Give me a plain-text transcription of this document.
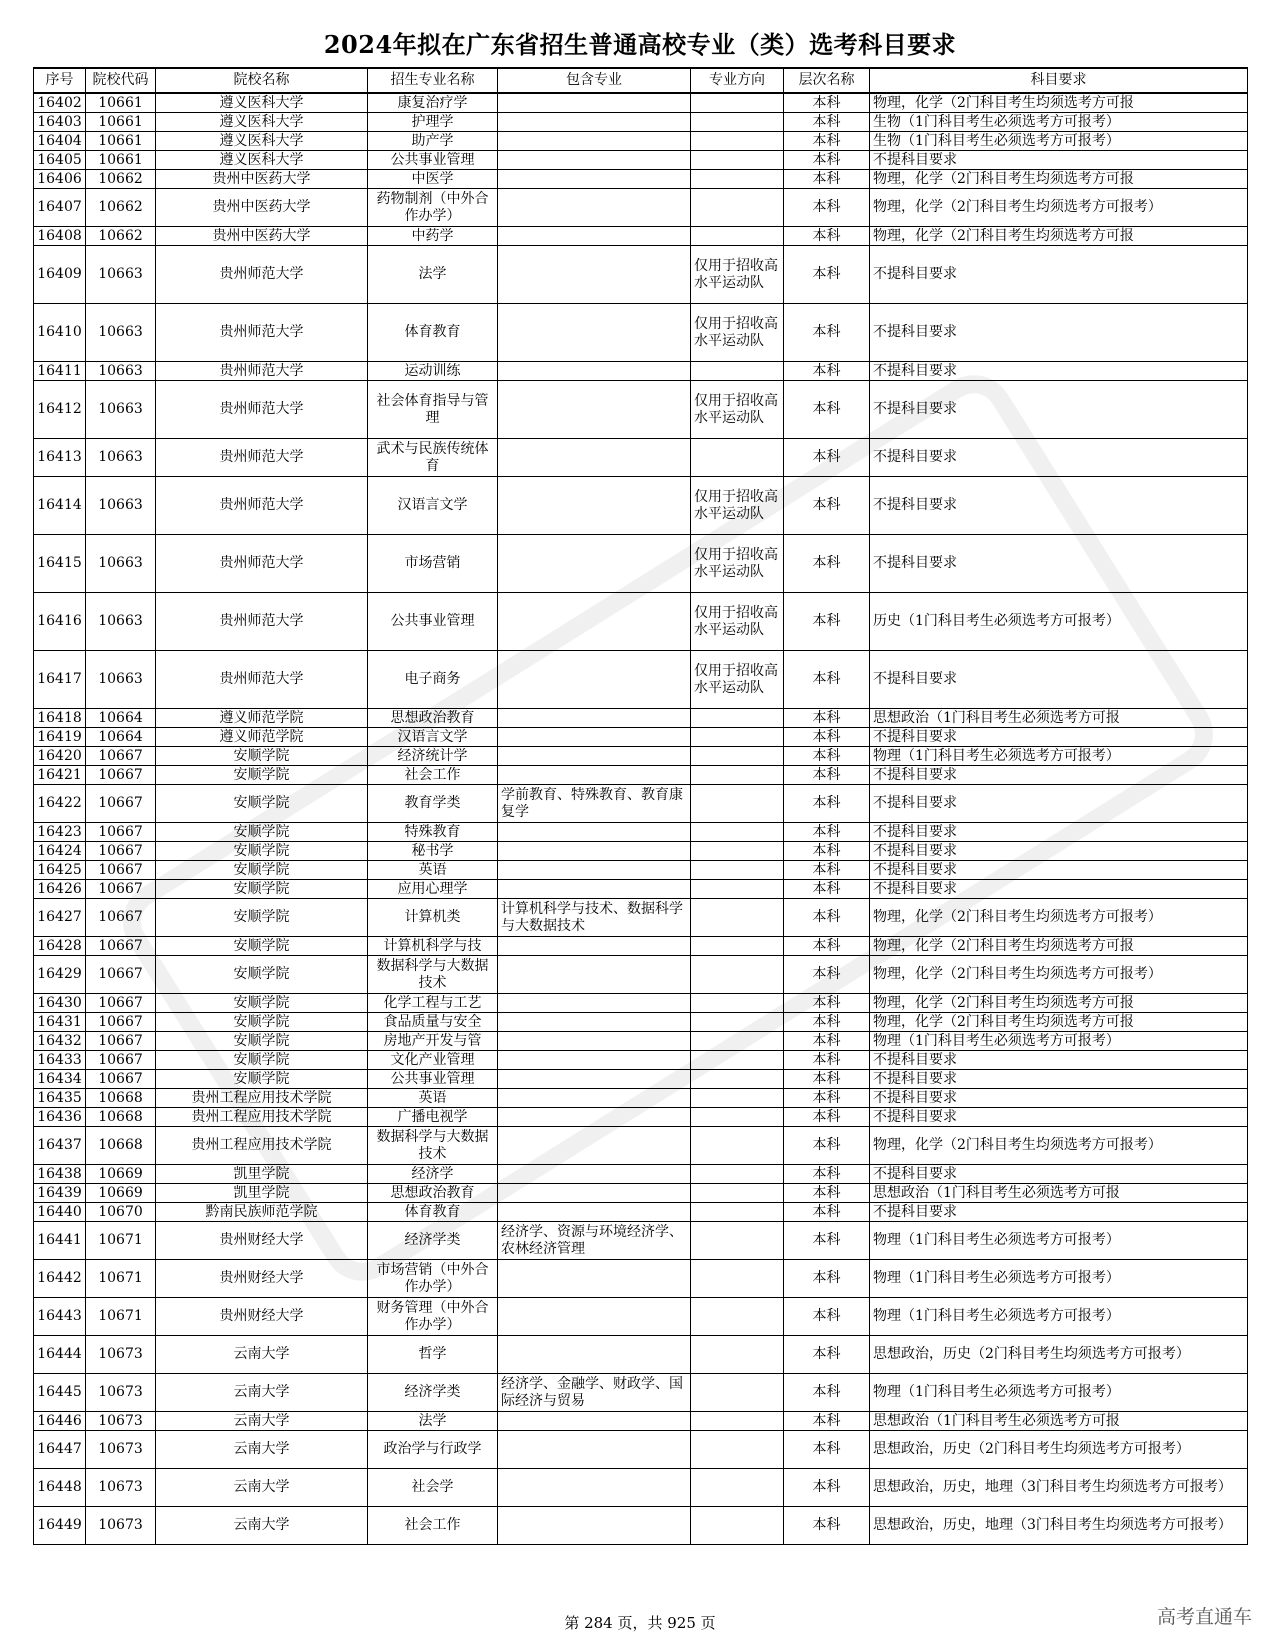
2024年拟在广东省招生普通高校专业（类）选考科目要求
序号	院校代码	院校名称	招生专业名称	包含专业	专业方向	层次名称	科目要求

16402	10661	遵义医科大学	康复治疗学			本科	物理，化学（2门科目考生均须选考方可报

16403	10661	遵义医科大学	护理学			本科	生物（1门科目考生必须选考方可报考）

16404	10661	遵义医科大学	助产学			本科	生物（1门科目考生必须选考方可报考）

16405	10661	遵义医科大学	公共事业管理			本科	不提科目要求

16406	10662	贵州中医药大学	中医学			本科	物理，化学（2门科目考生均须选考方可报

16407	10662	贵州中医药大学	药物制剂（中外合作办学）			本科	物理，化学（2门科目考生均须选考方可报考）

16408	10662	贵州中医药大学	中药学			本科	物理，化学（2门科目考生均须选考方可报

16409	10663	贵州师范大学	法学		仅用于招收高水平运动队	本科	不提科目要求

16410	10663	贵州师范大学	体育教育		仅用于招收高水平运动队	本科	不提科目要求

16411	10663	贵州师范大学	运动训练			本科	不提科目要求

16412	10663	贵州师范大学	社会体育指导与管理		仅用于招收高水平运动队	本科	不提科目要求

16413	10663	贵州师范大学	武术与民族传统体育			本科	不提科目要求

16414	10663	贵州师范大学	汉语言文学		仅用于招收高水平运动队	本科	不提科目要求

16415	10663	贵州师范大学	市场营销		仅用于招收高水平运动队	本科	不提科目要求

16416	10663	贵州师范大学	公共事业管理		仅用于招收高水平运动队	本科	历史（1门科目考生必须选考方可报考）

16417	10663	贵州师范大学	电子商务		仅用于招收高水平运动队	本科	不提科目要求

16418	10664	遵义师范学院	思想政治教育			本科	思想政治（1门科目考生必须选考方可报

16419	10664	遵义师范学院	汉语言文学			本科	不提科目要求

16420	10667	安顺学院	经济统计学			本科	物理（1门科目考生必须选考方可报考）

16421	10667	安顺学院	社会工作			本科	不提科目要求

16422	10667	安顺学院	教育学类	学前教育、特殊教育、教育康复学		本科	不提科目要求

16423	10667	安顺学院	特殊教育			本科	不提科目要求

16424	10667	安顺学院	秘书学			本科	不提科目要求

16425	10667	安顺学院	英语			本科	不提科目要求

16426	10667	安顺学院	应用心理学			本科	不提科目要求

16427	10667	安顺学院	计算机类	计算机科学与技术、数据科学与大数据技术		本科	物理，化学（2门科目考生均须选考方可报考）

16428	10667	安顺学院	计算机科学与技			本科	物理，化学（2门科目考生均须选考方可报

16429	10667	安顺学院	数据科学与大数据技术			本科	物理，化学（2门科目考生均须选考方可报考）

16430	10667	安顺学院	化学工程与工艺			本科	物理，化学（2门科目考生均须选考方可报

16431	10667	安顺学院	食品质量与安全			本科	物理，化学（2门科目考生均须选考方可报

16432	10667	安顺学院	房地产开发与管			本科	物理（1门科目考生必须选考方可报考）

16433	10667	安顺学院	文化产业管理			本科	不提科目要求

16434	10667	安顺学院	公共事业管理			本科	不提科目要求

16435	10668	贵州工程应用技术学院	英语			本科	不提科目要求

16436	10668	贵州工程应用技术学院	广播电视学			本科	不提科目要求

16437	10668	贵州工程应用技术学院	数据科学与大数据技术			本科	物理，化学（2门科目考生均须选考方可报考）

16438	10669	凯里学院	经济学			本科	不提科目要求

16439	10669	凯里学院	思想政治教育			本科	思想政治（1门科目考生必须选考方可报

16440	10670	黔南民族师范学院	体育教育			本科	不提科目要求

16441	10671	贵州财经大学	经济学类	经济学、资源与环境经济学、农林经济管理		本科	物理（1门科目考生必须选考方可报考）

16442	10671	贵州财经大学	市场营销（中外合作办学）			本科	物理（1门科目考生必须选考方可报考）

16443	10671	贵州财经大学	财务管理（中外合作办学）			本科	物理（1门科目考生必须选考方可报考）

16444	10673	云南大学	哲学			本科	思想政治，历史（2门科目考生均须选考方可报考）

16445	10673	云南大学	经济学类	经济学、金融学、财政学、国际经济与贸易		本科	物理（1门科目考生必须选考方可报考）

16446	10673	云南大学	法学			本科	思想政治（1门科目考生必须选考方可报

16447	10673	云南大学	政治学与行政学			本科	思想政治，历史（2门科目考生均须选考方可报考）

16448	10673	云南大学	社会学			本科	思想政治，历史，地理（3门科目考生均须选考方可报考）

16449	10673	云南大学	社会工作			本科	思想政治，历史，地理（3门科目考生均须选考方可报考）
第 284 页，共 925 页	高考直通车
